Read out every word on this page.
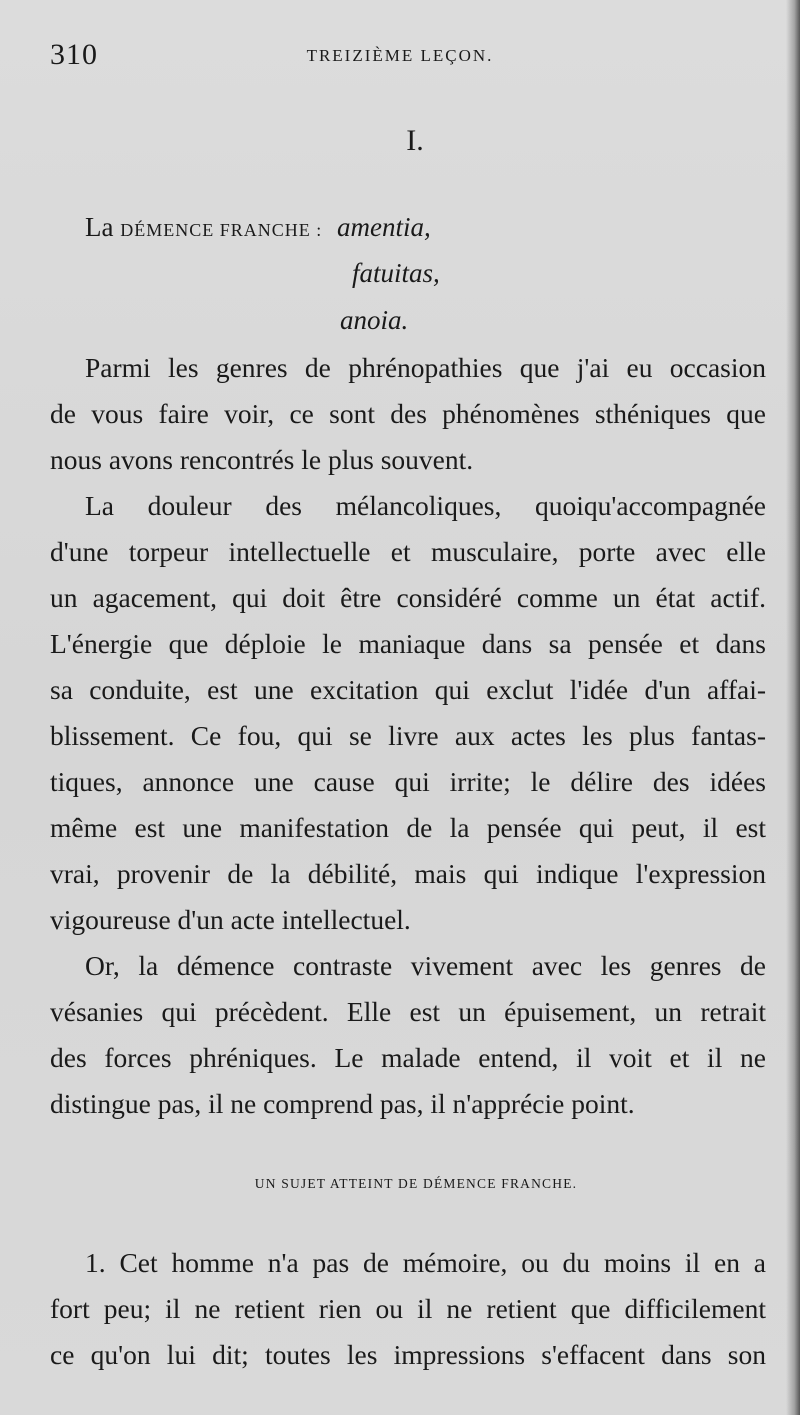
310	TREIZIÈME LEÇON.
I.
La DÉMENCE FRANCHE : amentia,
fatuitas,
anoia.
Parmi les genres de phrénopathies que j'ai eu occasion
de vous faire voir, ce sont des phénomènes sthéniques que
nous avons rencontrés le plus souvent.
La douleur des mélancoliques, quoiqu'accompagnée
d'une torpeur intellectuelle et musculaire, porte avec elle
un agacement, qui doit être considéré comme un état actif.
L'énergie que déploie le maniaque dans sa pensée et dans
sa conduite, est une excitation qui exclut l'idée d'un affai-
blissement. Ce fou, qui se livre aux actes les plus fantas-
tiques, annonce une cause qui irrite; le délire des idées
même est une manifestation de la pensée qui peut, il est
vrai, provenir de la débilité, mais qui indique l'expression
vigoureuse d'un acte intellectuel.
Or, la démence contraste vivement avec les genres de
vésanies qui précèdent. Elle est un épuisement, un retrait
des forces phréniques. Le malade entend, il voit et il ne
distingue pas, il ne comprend pas, il n'apprécie point.
UN SUJET ATTEINT DE DÉMENCE FRANCHE.
1. Cet homme n'a pas de mémoire, ou du moins il en a
fort peu; il ne retient rien ou il ne retient que difficilement
ce qu'on lui dit; toutes les impressions s'effacent dans son
